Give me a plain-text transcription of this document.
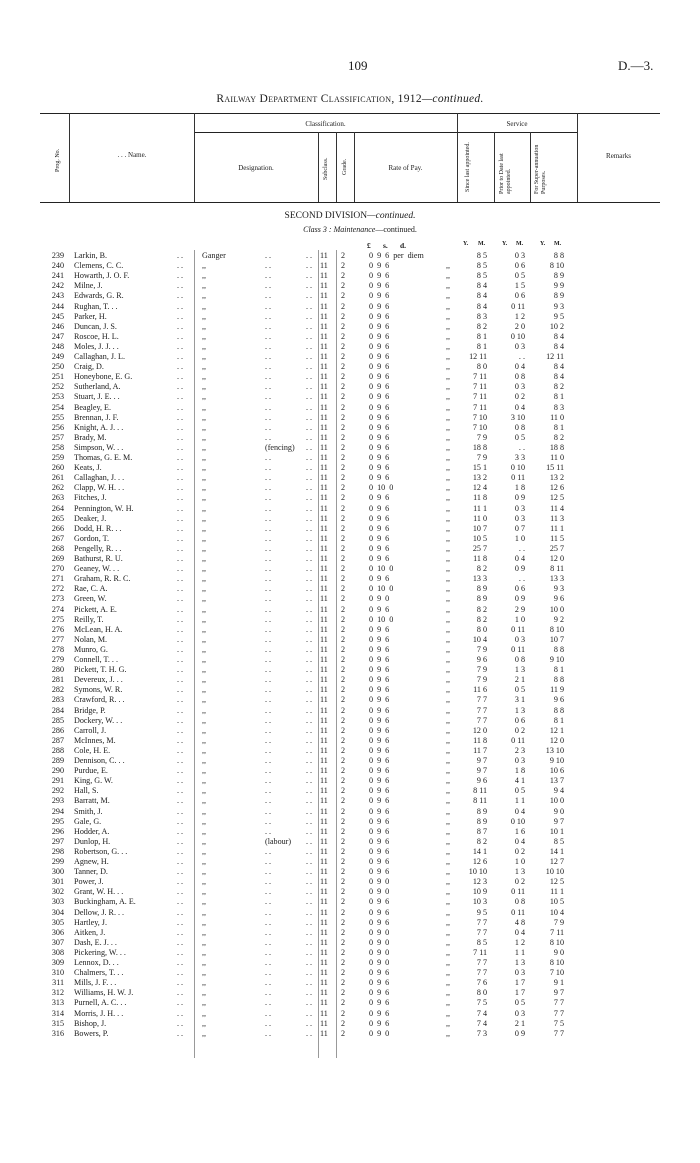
109	D.—3.
Railway Department Classification, 1912—continued.
Prog. No.	. . . Name.
Classification.
Designation.	Subclass. Grade.	Rate of Pay.
Service
Since last appointed.	Prior to Date last appointed.	For Super-annuation Purposes.
Remarks
SECOND DIVISION—continued.
Class 3 : Maintenance—continued.
£ s. d.	Y. M.	Y. M.	Y. M.
239 Larkin, B.	. . Ganger	. .	. . 11 2	0 9 6 per diem	8 5	0 3	8 8
240 Clemens, C. C.	. . ,,	. .	. . 11 2	0 9 6	,,	8 5	0 6	8 10
241 Howarth, J. O. F.	. . ,,	. .	. . 11 2	0 9 6	,,	8 5	0 5	8 9
242 Milne, J.	. . ,,	. .	. . 11 2	0 9 6	,,	8 4	1 5	9 9
243 Edwards, G. R.	. . ,,	. .	. . 11 2	0 9 6	,,	8 4	0 6	8 9
244 Rughan, T. . .	. . ,,	. .	. . 11 2	0 9 6	,,	8 4	0 11	9 3
245 Parker, H.	. . ,,	. .	. . 11 2	0 9 6	,,	8 3	1 2	9 5
246 Duncan, J. S.	. . ,,	. .	. . 11 2	0 9 6	,,	8 2	2 0	10 2
247 Roscoe, H. L.	. . ,,	. .	. . 11 2	0 9 6	,,	8 1	0 10	8 4
248 Moles, J. J. . .	. . ,,	. .	. . 11 2	0 9 6	,,	8 1	0 3	8 4
249 Callaghan, J. L.	. . ,,	. .	. . 11 2	0 9 6	,,	12 11	. .	12 11
250 Craig, D.	. . ,,	. .	. . 11 2	0 9 6	,,	8 0	0 4	8 4
251 Honeybone, E. G.	. . ,,	. .	. . 11 2	0 9 6	,,	7 11	0 8	8 4
252 Sutherland, A.	. . ,,	. .	. . 11 2	0 9 6	,,	7 11	0 3	8 2
253 Stuart, J. E. . .	. . ,,	. .	. . 11 2	0 9 6	,,	7 11	0 2	8 1
254 Beagley, E.	. . ,,	. .	. . 11 2	0 9 6	,,	7 11	0 4	8 3
255 Brennan, J. F.	. . ,,	. .	. . 11 2	0 9 6	,,	7 10	3 10	11 0
256 Knight, A. J. . .	. . ,,	. .	. . 11 2	0 9 6	,,	7 10	0 8	8 1
257 Brady, M.	. . ,,	. .	. . 11 2	0 9 6	,,	7 9	0 5	8 2
258 Simpson, W. . .	. . ,,	(fencing) . . 11 2	0 9 6	,,	18 8	. .	18 8
259 Thomas, G. E. M.	. . ,,	. .	. . 11 2	0 9 6	,,	7 9	3 3	11 0
260 Keats, J.	. . ,,	. .	. . 11 2	0 9 6	,,	15 1	0 10	15 11
261 Callaghan, J. . .	. . ,,	. .	. . 11 2	0 9 6	,,	13 2	0 11	13 2
262 Clapp, W. H. . .	. . ,,	. .	. . 11 2	0 10 0	,,	12 4	1 8	12 6
263 Fitches, J.	. . ,,	. .	. . 11 2	0 9 6	,,	11 8	0 9	12 5
264 Pennington, W. H.	. . ,,	. .	. . 11 2	0 9 6	,,	11 1	0 3	11 4
265 Deaker, J.	. . ,,	. .	. . 11 2	0 9 6	,,	11 0	0 3	11 3
266 Dodd, H. R. . .	. . ,,	. .	. . 11 2	0 9 6	,,	10 7	0 7	11 1
267 Gordon, T.	. . ,,	. .	. . 11 2	0 9 6	,,	10 5	1 0	11 5
268 Pengelly, R. . .	. . ,,	. .	. . 11 2	0 9 6	,,	25 7	. .	25 7
269 Bathurst, R. U.	. . ,,	. .	. . 11 2	0 9 6	,,	11 8	0 4	12 0
270 Geaney, W. . .	. . ,,	. .	. . 11 2	0 10 0	,,	8 2	0 9	8 11
271 Graham, R. R. C.	. . ,,	. .	. . 11 2	0 9 6	,,	13 3	. .	13 3
272 Rae, C. A.	. . ,,	. .	. . 11 2	0 10 0	,,	8 9	0 6	9 3
273 Green, W.	. . ,,	. .	. . 11 2	0 9 0	,,	8 9	0 9	9 6
274 Pickett, A. E.	. . ,,	. .	. . 11 2	0 9 6	,,	8 2	2 9	10 0
275 Reilly, T.	. . ,,	. .	. . 11 2	0 10 0	,,	8 2	1 0	9 2
276 McLean, H. A.	. . ,,	. .	. . 11 2	0 9 6	,,	8 0	0 11	8 10
277 Nolan, M.	. . ,,	. .	. . 11 2	0 9 6	,,	10 4	0 3	10 7
278 Munro, G.	. . ,,	. .	. . 11 2	0 9 6	,,	7 9	0 11	8 8
279 Connell, T. . .	. . ,,	. .	. . 11 2	0 9 6	,,	9 6	0 8	9 10
280 Pickett, T. H. G.	. . ,,	. .	. . 11 2	0 9 6	,,	7 9	1 3	8 1
281 Devereux, J. . .	. . ,,	. .	. . 11 2	0 9 6	,,	7 9	2 1	8 8
282 Symons, W. R.	. . ,,	. .	. . 11 2	0 9 6	,,	11 6	0 5	11 9
283 Crawford, R. . .	. . ,,	. .	. . 11 2	0 9 6	,,	7 7	3 1	9 6
284 Bridge, P.	. . ,,	. .	. . 11 2	0 9 6	,,	7 7	1 3	8 8
285 Dockery, W. . .	. . ,,	. .	. . 11 2	0 9 6	,,	7 7	0 6	8 1
286 Carroll, J.	. . ,,	. .	. . 11 2	0 9 6	,,	12 0	0 2	12 1
287 McInnes, M.	. . ,,	. .	. . 11 2	0 9 6	,,	11 8	0 11	12 0
288 Cole, H. E.	. . ,,	. .	. . 11 2	0 9 6	,,	11 7	2 3	13 10
289 Dennison, C. . .	. . ,,	. .	. . 11 2	0 9 6	,,	9 7	0 3	9 10
290 Purdue, E.	. . ,,	. .	. . 11 2	0 9 6	,,	9 7	1 8	10 6
291 King, G. W.	. . ,,	. .	. . 11 2	0 9 6	,,	9 6	4 1	13 7
292 Hall, S.	. . ,,	. .	. . 11 2	0 9 6	,,	8 11	0 5	9 4
293 Barratt, M.	. . ,,	. .	. . 11 2	0 9 6	,,	8 11	1 1	10 0
294 Smith, J.	. . ,,	. .	. . 11 2	0 9 6	,,	8 9	0 4	9 0
295 Gale, G.	. . ,,	. .	. . 11 2	0 9 6	,,	8 9	0 10	9 7
296 Hodder, A.	. . ,,	. .	. . 11 2	0 9 6	,,	8 7	1 6	10 1
297 Dunlop, H.	. . ,,	(labour) . . 11 2	0 9 6	,,	8 2	0 4	8 5
298 Robertson, G. . .	. . ,,	. .	. . 11 2	0 9 6	,,	14 1	0 2	14 1
299 Agnew, H.	. . ,,	. .	. . 11 2	0 9 6	,,	12 6	1 0	12 7
300 Tanner, D.	. . ,,	. .	. . 11 2	0 9 6	,,	10 10	1 3	10 10
301 Power, J.	. . ,,	. .	. . 11 2	0 9 0	,,	12 3	0 2	12 5
302 Grant, W. H. . .	. . ,,	. .	. . 11 2	0 9 0	,,	10 9	0 11	11 1
303 Buckingham, A. E.	. . ,,	. .	. . 11 2	0 9 6	,,	10 3	0 8	10 5
304 Dellow, J. R. . .	. . ,,	. .	. . 11 2	0 9 6	,,	9 5	0 11	10 4
305 Hartley, J.	. . ,,	. .	. . 11 2	0 9 6	,,	7 7	4 8	7 9
306 Aitken, J.	. . ,,	. .	. . 11 2	0 9 0	,,	7 7	0 4	7 11
307 Dash, E. J. . .	. . ,,	. .	. . 11 2	0 9 0	,,	8 5	1 2	8 10
308 Pickering, W. . .	. . ,,	. .	. . 11 2	0 9 0	,,	7 11	1 1	9 0
309 Lennox, D. . .	. . ,,	. .	. . 11 2	0 9 0	,,	7 7	1 3	8 10
310 Chalmers, T. . .	. . ,,	. .	. . 11 2	0 9 6	,,	7 7	0 3	7 10
311 Mills, J. F. . .	. . ,,	. .	. . 11 2	0 9 6	,,	7 6	1 7	9 1
312 Williams, H. W. J.	. . ,,	. .	. . 11 2	0 9 6	,,	8 0	1 7	9 7
313 Purnell, A. C. . .	. . ,,	. .	. . 11 2	0 9 6	,,	7 5	0 5	7 7
314 Morris, J. H. . .	. . ,,	. .	. . 11 2	0 9 6	,,	7 4	0 3	7 7
315 Bishop, J.	. . ,,	. .	. . 11 2	0 9 6	,,	7 4	2 1	7 5
316 Bowers, P.	. . ,,	. .	. . 11 2	0 9 0	,,	7 3	0 9	7 7
